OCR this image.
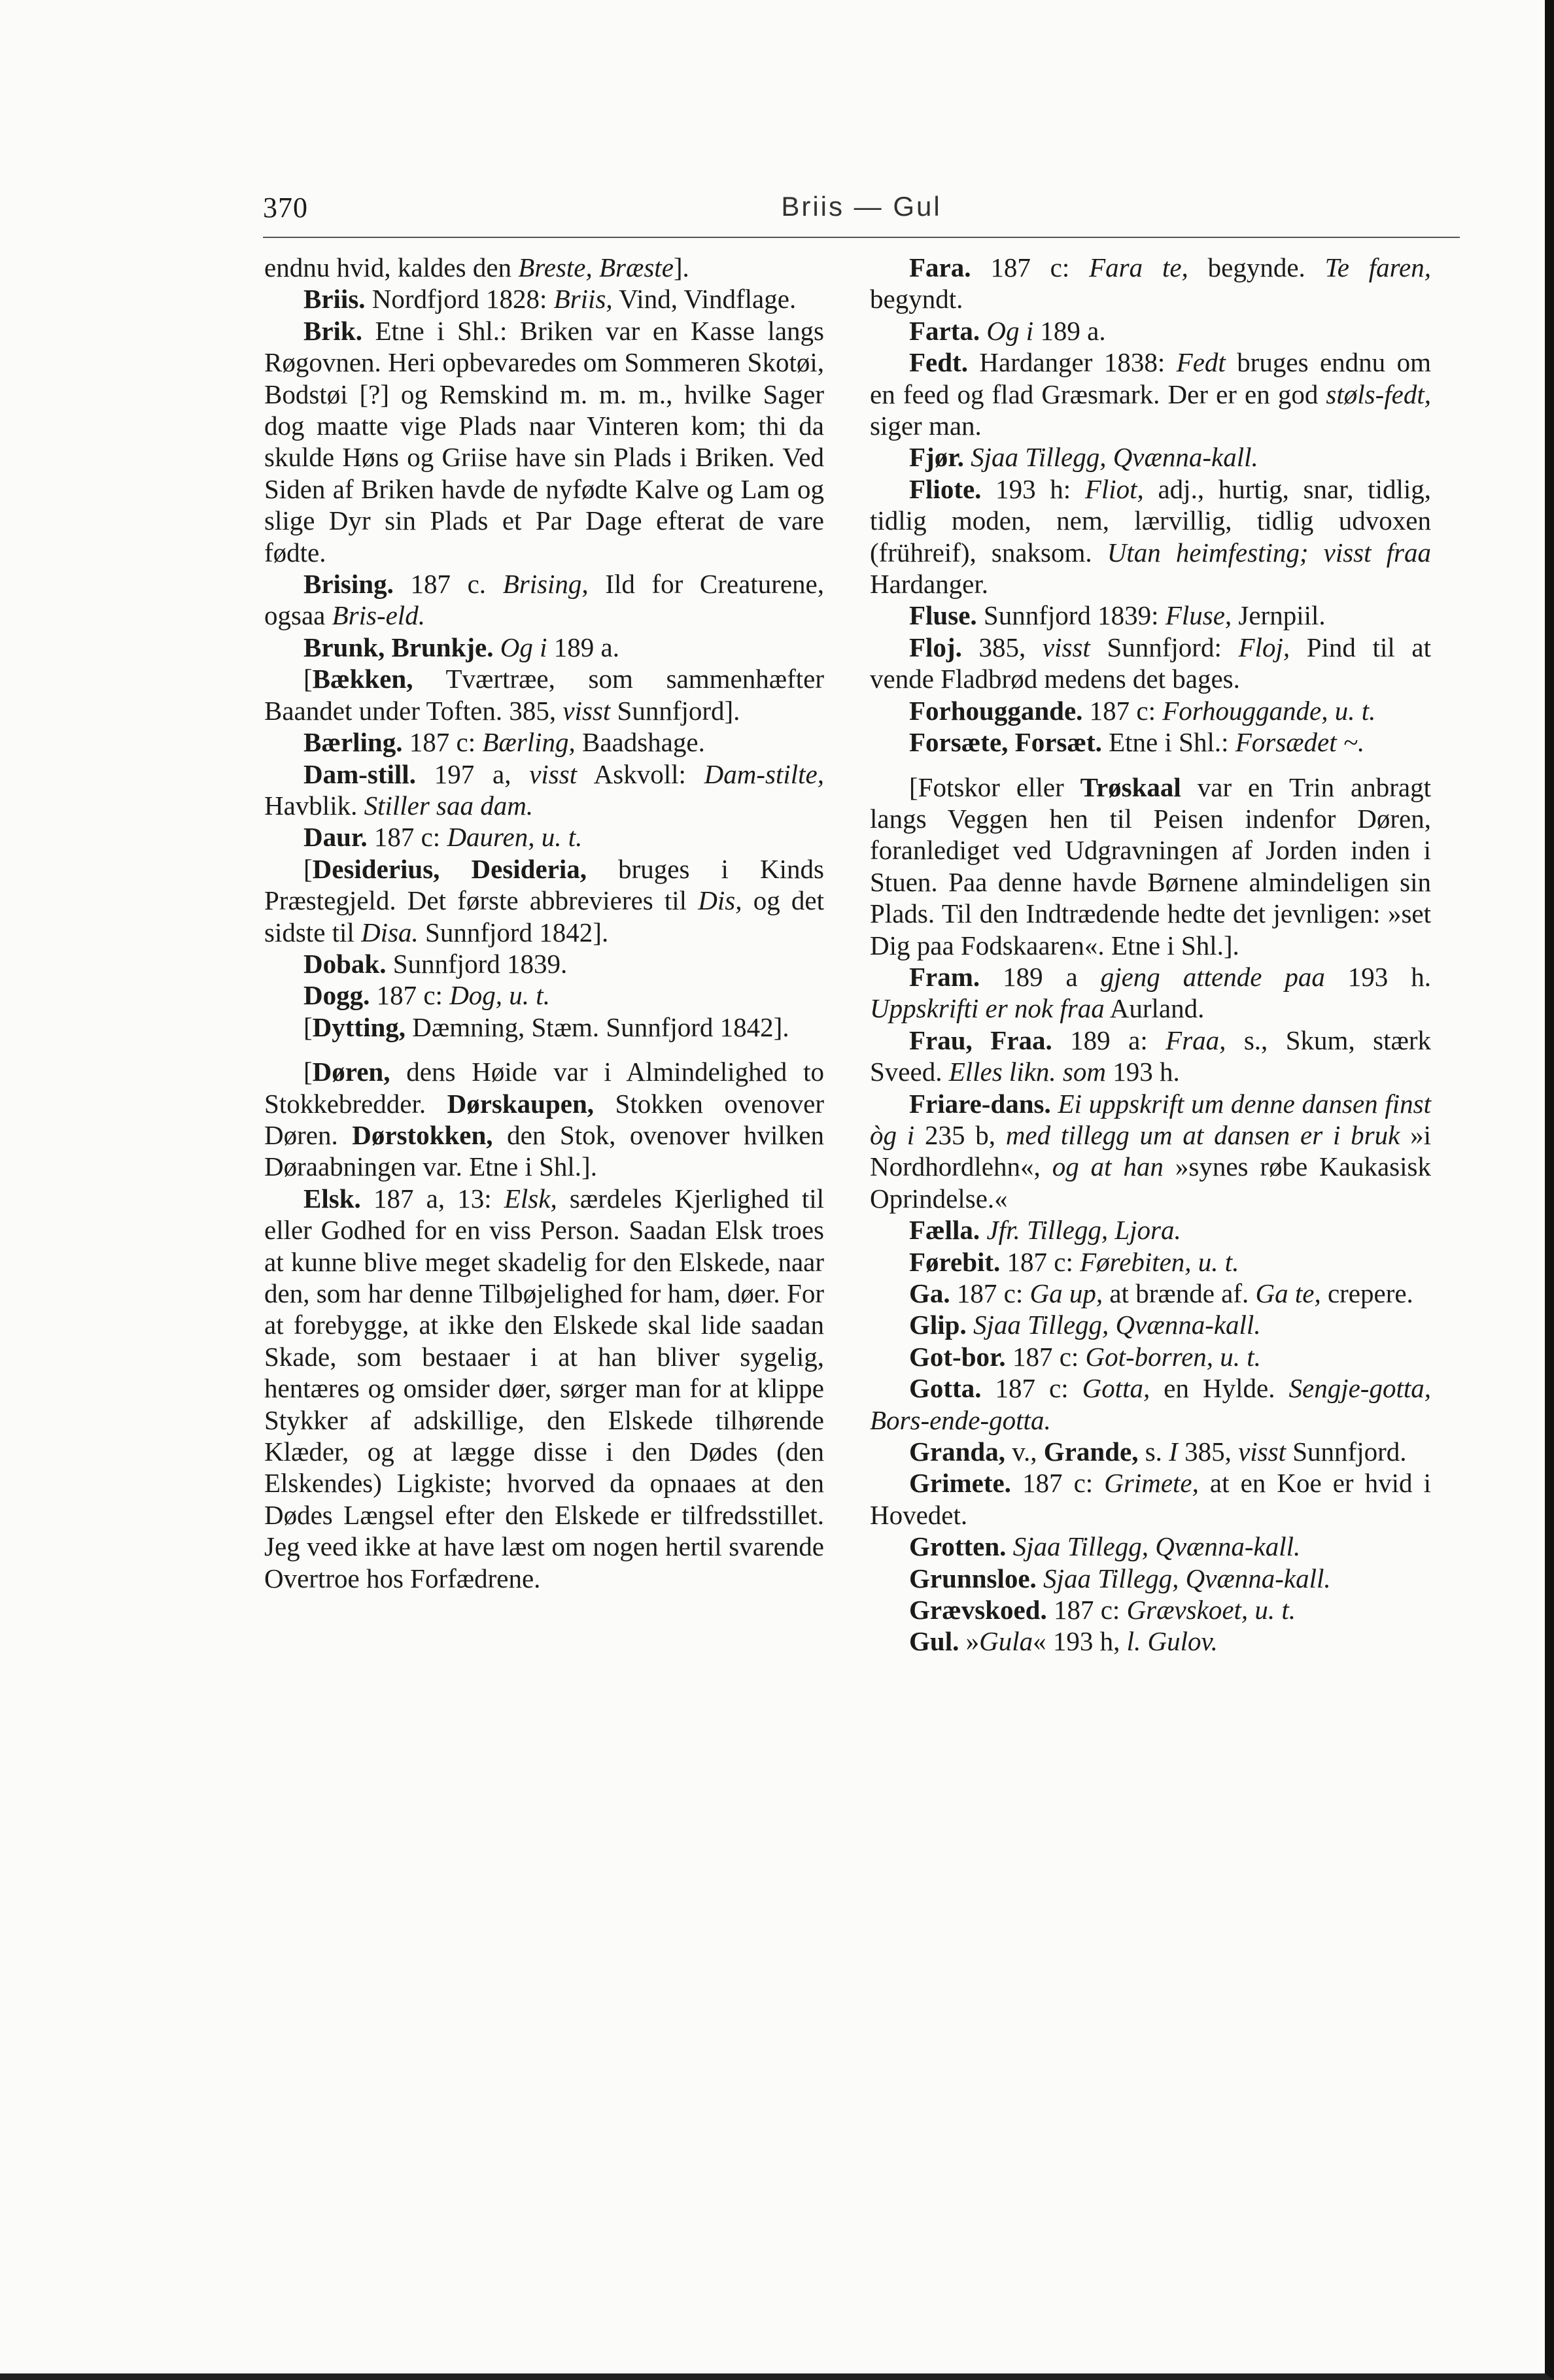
370	Briis — Gul

endnu hvid, kaldes den Breste, Bræste].

Briis. Nordfjord 1828: Briis, Vind, Vindflage.

Brik. Etne i Shl.: Briken var en Kasse langs Røgovnen. Heri opbevaredes om Sommeren Skotøi, Bodstøi [?] og Remskind m. m. m., hvilke Sager dog maatte vige Plads naar Vinteren kom; thi da skulde Høns og Griise have sin Plads i Briken. Ved Siden af Briken havde de nyfødte Kalve og Lam og slige Dyr sin Plads et Par Dage efterat de vare fødte.

Brising. 187 c. Brising, Ild for Creaturene, ogsaa Bris-eld.

Brunk, Brunkje. Og i 189 a.

[Bækken, Tværtræe, som sammenhæfter Baandet under Toften. 385, visst Sunnfjord].

Bærling. 187 c: Bærling, Baadshage.

Dam-still. 197 a, visst Askvoll: Dam-stilte, Havblik. Stiller saa dam.

Daur. 187 c: Dauren, u. t.

[Desiderius, Desideria, bruges i Kinds Præstegjeld. Det første abbrevieres til Dis, og det sidste til Disa. Sunnfjord 1842].

Dobak. Sunnfjord 1839.

Dogg. 187 c: Dog, u. t.

[Dytting, Dæmning, Stæm. Sunnfjord 1842].

[Døren, dens Høide var i Almindelighed to Stokkebredder. Dørskaupen, Stokken ovenover Døren. Dørstokken, den Stok, ovenover hvilken Døraabningen var. Etne i Shl.].

Elsk. 187 a, 13: Elsk, særdeles Kjerlighed til eller Godhed for en viss Person. Saadan Elsk troes at kunne blive meget skadelig for den Elskede, naar den, som har denne Tilbøjelighed for ham, døer. For at forebygge, at ikke den Elskede skal lide saadan Skade, som bestaaer i at han bliver sygelig, hentæres og omsider døer, sørger man for at klippe Stykker af adskillige, den Elskede tilhørende Klæder, og at lægge disse i den Dødes (den Elskendes) Ligkiste; hvorved da opnaaes at den Dødes Længsel efter den Elskede er tilfredsstillet. Jeg veed ikke at have læst om nogen hertil svarende Overtroe hos Forfædrene.

Fara. 187 c: Fara te, begynde. Te faren, begyndt.

Farta. Og i 189 a.

Fedt. Hardanger 1838: Fedt bruges endnu om en feed og flad Græsmark. Der er en god støls-fedt, siger man.

Fjør. Sjaa Tillegg, Qvænna-kall.

Fliote. 193 h: Fliot, adj., hurtig, snar, tidlig, tidlig moden, nem, lærvillig, tidlig udvoxen (frühreif), snaksom. Utan heimfesting; visst fraa Hardanger.

Fluse. Sunnfjord 1839: Fluse, Jernpiil.

Floj. 385, visst Sunnfjord: Floj, Pind til at vende Fladbrød medens det bages.

Forhouggande. 187 c: Forhouggande, u. t.

Forsæte, Forsæt. Etne i Shl.: Forsædet ~.

[Fotskor eller Trøskaal var en Trin anbragt langs Veggen hen til Peisen indenfor Døren, foranlediget ved Udgravningen af Jorden inden i Stuen. Paa denne havde Børnene almindeligen sin Plads. Til den Indtrædende hedte det jevnligen: »set Dig paa Fodskaaren«. Etne i Shl.].

Fram. 189 a gjeng attende paa 193 h. Uppskrifti er nok fraa Aurland.

Frau, Fraa. 189 a: Fraa, s., Skum, stærk Sveed. Elles likn. som 193 h.

Friare-dans. Ei uppskrift um denne dansen finst òg i 235 b, med tillegg um at dansen er i bruk »i Nordhordlehn«, og at han »synes røbe Kaukasisk Oprindelse.«

Fælla. Jfr. Tillegg, Ljora.

Førebit. 187 c: Førebiten, u. t.

Ga. 187 c: Ga up, at brænde af. Ga te, crepere.

Glip. Sjaa Tillegg, Qvænna-kall.

Got-bor. 187 c: Got-borren, u. t.

Gotta. 187 c: Gotta, en Hylde. Sengje-gotta, Bors-ende-gotta.

Granda, v., Grande, s. I 385, visst Sunnfjord.

Grimete. 187 c: Grimete, at en Koe er hvid i Hovedet.

Grotten. Sjaa Tillegg, Qvænna-kall.

Grunnsloe. Sjaa Tillegg, Qvænna-kall.

Grævskoed. 187 c: Grævskoet, u. t.

Gul. »Gula« 193 h, l. Gulov.
